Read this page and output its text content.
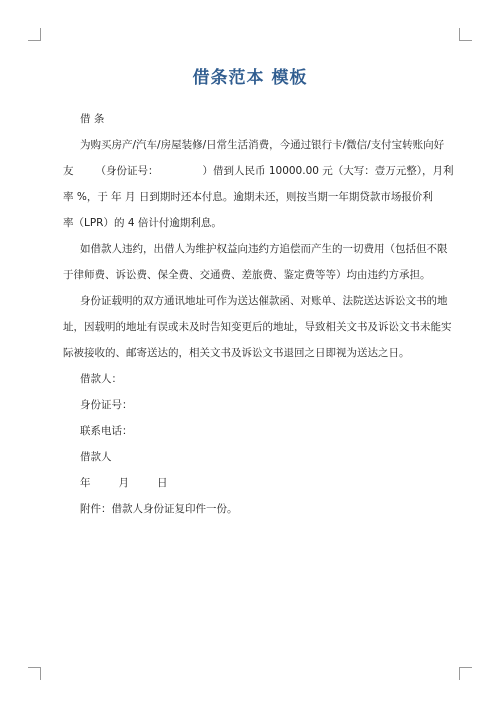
借条范本 模板
借 条
为购买房产/汽车/房屋装修/日常生活消费，今通过银行卡/微信/支付宝转账向好
友 （身份证号：	）借到人民币 10000.00 元（大写：壹万元整），月利
率 %，于 年 月 日到期时还本付息。逾期未还，则按当期一年期贷款市场报价利
率（LPR）的 4 倍计付逾期利息。
如借款人违约，出借人为维护权益向违约方追偿而产生的一切费用（包括但不限
于律师费、诉讼费、保全费、交通费、差旅费、鉴定费等等）均由违约方承担。
身份证载明的双方通讯地址可作为送达催款函、对账单、法院送达诉讼文书的地
址，因载明的地址有误或未及时告知变更后的地址，导致相关文书及诉讼文书未能实
际被接收的、邮寄送达的，相关文书及诉讼文书退回之日即视为送达之日。
借款人：
身份证号：
联系电话：
借款人
年	月	日
附件：借款人身份证复印件一份。
